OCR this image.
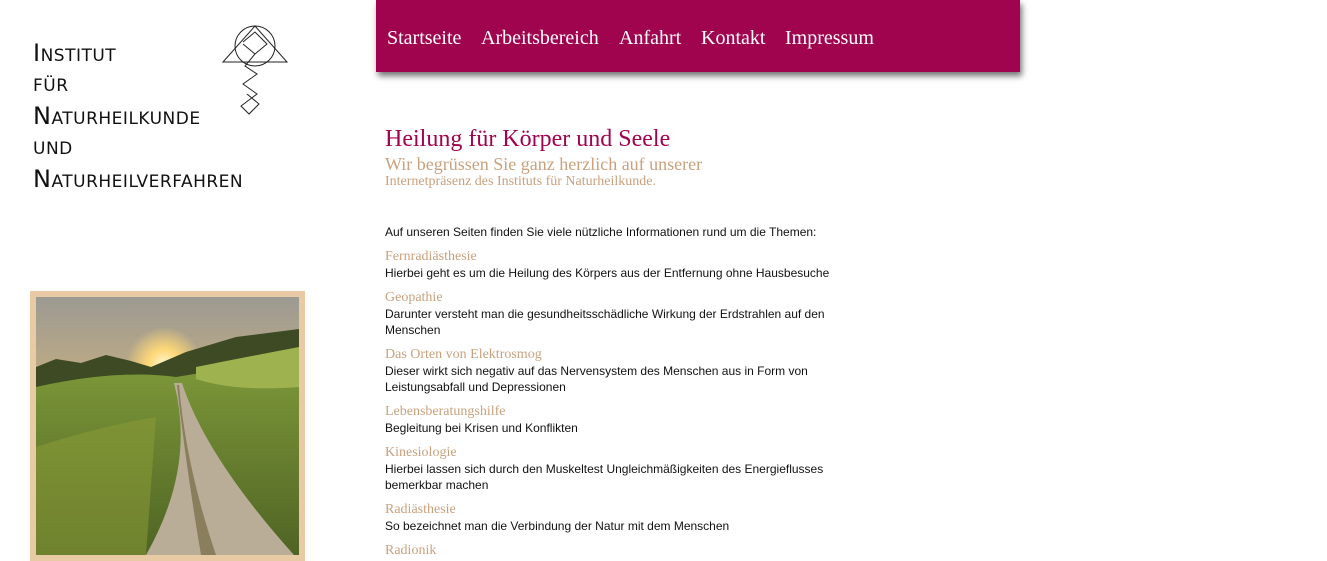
INSTITUT
FÜR
NATURHEILKUNDE
UND
NATURHEILVERFAHREN
Startseite Arbeitsbereich Anfahrt Kontakt Impressum
Heilung für Körper und Seele
Wir begrüssen Sie ganz herzlich auf unserer
Internetpräsenz des Instituts für Naturheilkunde.
Auf unseren Seiten finden Sie viele nützliche Informationen rund um die Themen:
Fernradiästhesie
Hierbei geht es um die Heilung des Körpers aus der Entfernung ohne Hausbesuche
Geopathie
Darunter versteht man die gesundheitsschädliche Wirkung der Erdstrahlen auf den Menschen
Das Orten von Elektrosmog
Dieser wirkt sich negativ auf das Nervensystem des Menschen aus in Form von Leistungsabfall und Depressionen
Lebensberatungshilfe
Begleitung bei Krisen und Konflikten
Kinesiologie
Hierbei lassen sich durch den Muskeltest Ungleichmäßigkeiten des Energieflusses bemerkbar machen
Radiästhesie
So bezeichnet man die Verbindung der Natur mit dem Menschen
Radionik
